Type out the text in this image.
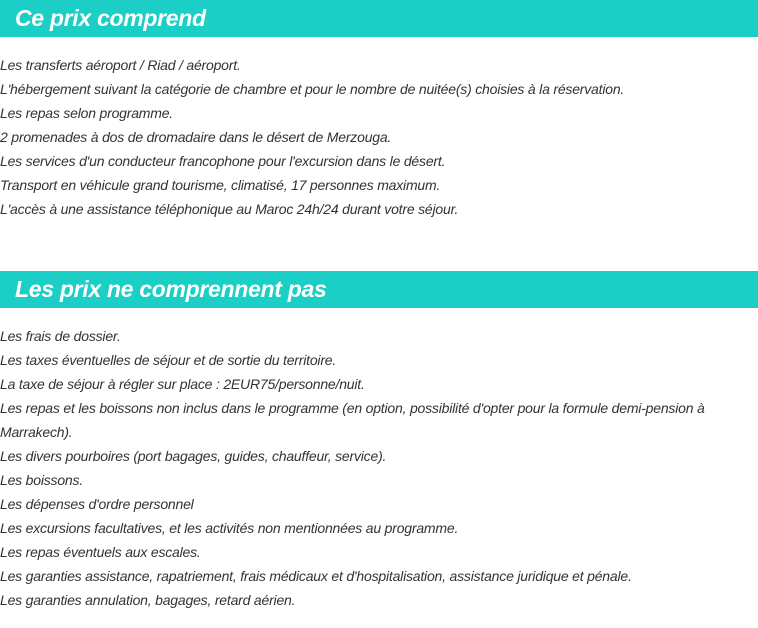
Ce prix comprend
Les transferts aéroport / Riad / aéroport.
L'hébergement suivant la catégorie de chambre et pour le nombre de nuitée(s) choisies à la réservation.
Les repas selon programme.
2 promenades à dos de dromadaire dans le désert de Merzouga.
Les services d'un conducteur francophone pour l'excursion dans le désert.
Transport en véhicule grand tourisme, climatisé, 17 personnes maximum.
L'accès à une assistance téléphonique au Maroc 24h/24 durant votre séjour.
Les prix ne comprennent pas
Les frais de dossier.
Les taxes éventuelles de séjour et de sortie du territoire.
La taxe de séjour à régler sur place : 2EUR75/personne/nuit.
Les repas et les boissons non inclus dans le programme (en option, possibilité d'opter pour la formule demi-pension à Marrakech).
Les divers pourboires (port bagages, guides, chauffeur, service).
Les boissons.
Les dépenses d'ordre personnel
Les excursions facultatives, et les activités non mentionnées au programme.
Les repas éventuels aux escales.
Les garanties assistance, rapatriement, frais médicaux et d'hospitalisation, assistance juridique et pénale.
Les garanties annulation, bagages, retard aérien.
